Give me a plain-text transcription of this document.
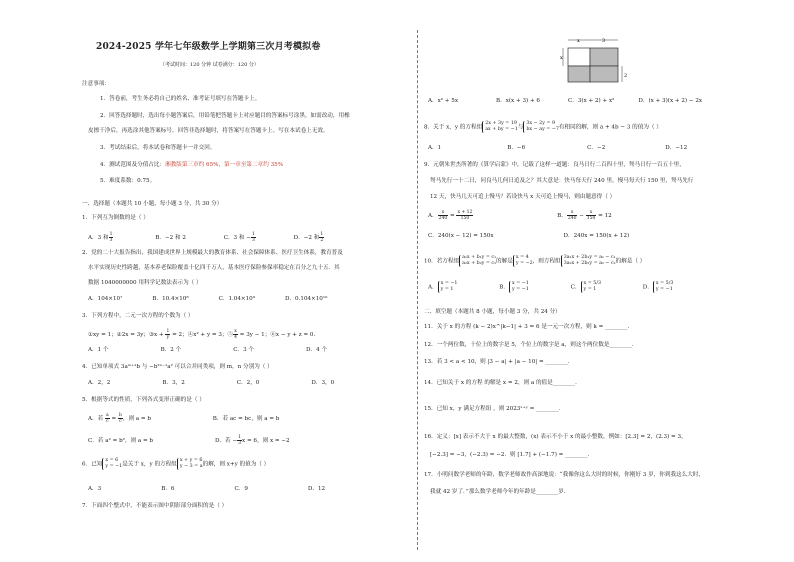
2024-2025 学年七年级数学上学期第三次月考模拟卷
（考试时间：120 分钟 试卷满分：120 分）
注意事项：
1．答卷前，考生务必将自己的姓名、准考证号填写在答题卡上。
2．回答选择题时，选出每小题答案后，用铅笔把答题卡上对应题目的答案标号涂黑。如需改动，用橡
皮擦干净后，再选涂其他答案标号。回答非选择题时，将答案写在答题卡上。写在本试卷上无效。
3．考试结束后，将本试卷和答题卡一并交回。
4．测试范围及分值占比：湘教版第三章约 65%，第一章至第二章约 35%
5．难度系数：0.75。
一、选择题（本题共 10 小题，每小题 3 分，共 30 分）
1．下列互为倒数的是（ ）
A．3 和 $\frac{1}{3}$	B．−2 和 2	C．3 和 − $\frac{1}{3}$	D．−2 和 $\frac{1}{2}$
2．党的二十大报告指出，我国建成世界上规模最大的教育体系、社会保障体系、医疗卫生体系，教育普及
水平实现历史性跨越，基本养老保险覆盖十亿四千万人，基本医疗保险参保率稳定在百分之九十五．其
数据 1040000000 用科学记数法表示为（ ）
A．104×10⁷	B．10.4×10⁸	C．1.04×10⁹	D．0.104×10¹⁰
3．下列方程中，二元一次方程的个数为（ ）
①xy = 1；②2x = 3y；③x + $\frac{1}{y} = 2$；④x² + y = 3；⑤ $\frac{x}{4} = 3y - 1$；⑥x − y + z = 0．
A．1 个	B．2 个	C．3 个	D．4 个
4．已知单项式 3aᵐ⁺¹b 与 −b²ⁿ⁻¹a² 可以合并同类项，则 m，n 分别为（ ）
A．2，2	B．3，2	C．2，0	D．3，0
5．根据等式的性质，下列各式变形正确的是（ ）
A．若 $\frac{a}{c} = \frac{b}{c}$ ，则 a = b	B．若 ac = bc，则 a = b
C．若 a² = b²，则 a = b	D．若 − $\frac{1}{3}$ x = 6，则 x = −2
6．已知
x = 6
y = −1 是关于 x，y 的方程组
x + y = 6
y − 3 = a 的解，则 x+y 的值为（ ）
A．3	B．6	C．9	D．12
7．下面四个整式中，不能表示图中阴影部分面积的是（ ）
x	3
x
2
A．x² + 5x	B．x(x + 3) + 6	C．3(x + 2) + x²	D．(x + 3)(x + 2) − 2x
8．关于 x，y 的方程组
2x + 3y = 19
ax + by = −1 与
3x − 2y = 9
bx − ay = −7 有相同的解，则 a + 4b − 3 的值为（ ）
A．1	B．−6	C．−2	D．−12
9．元朝朱世杰所著的《算学启蒙》中，记载了这样一道题：良马日行二百四十里，驽马日行一百五十里，
驽马先行一十二日，问良马几何日追及之？其大意是：快马每天行 240 里，慢马每天行 150 里，驽马先行
12 天，快马几天可追上慢马？若设快马 x 天可追上慢马，则由题意得（ ）
A． $\frac{x}{240} = \frac{x + 12}{150}$	B． $\frac{x}{240} - \frac{x}{150} = 12$
C．240(x − 12) = 150x	D．240x = 150(x + 12)
10．若方程组
a₁x + b₁y = c₁
a₂x + b₂y = c₂ 的解是
x = 4
y = −2 ，则方程组
3a₁x + 2b₁y = a₁ − c₁
3a₂x + 2b₂y = a₂ − c₂ 的解是（ ）
A．
x = −1
y = 1	B．
x = −1
y = −1	C．
x = 5/3
y = 1	D．
x = 5/3
y = −1
二、填空题（本题共 8 小题，每小题 3 分，共 24 分）
11．关于 x 的方程 (k − 2)x^|k−1| + 3 = 6 是一元一次方程，则 k = ________．
12．一个两位数，十位上的数字是 5，个位上的数字是 a，则这个两位数是________．
13．若 3 < a < 10，则 |3 − a| + |a − 10| = ________．
14．已知关于 x 的方程 的解是 x = 2，则 a 的值是________．
15．已知 x，y 满足方程组 ，则 2023ˣ⁺ʸ = ________．
16．定义：[x] 表示不大于 x 的最大整数，(x) 表示不小于 x 的最小整数，例如：[2.3] = 2，(2.3) = 3，
[−2.3] = −3，(−2.3) = −2．则 [1.7] + (−1.7) = ________．
17．小明问数学老师的年龄，数学老师故作高深地说：“我像你这么大时的时候，你刚好 3 岁，你到我这么大时，
我就 42 岁了．”那么数学老师今年的年龄是________岁．
